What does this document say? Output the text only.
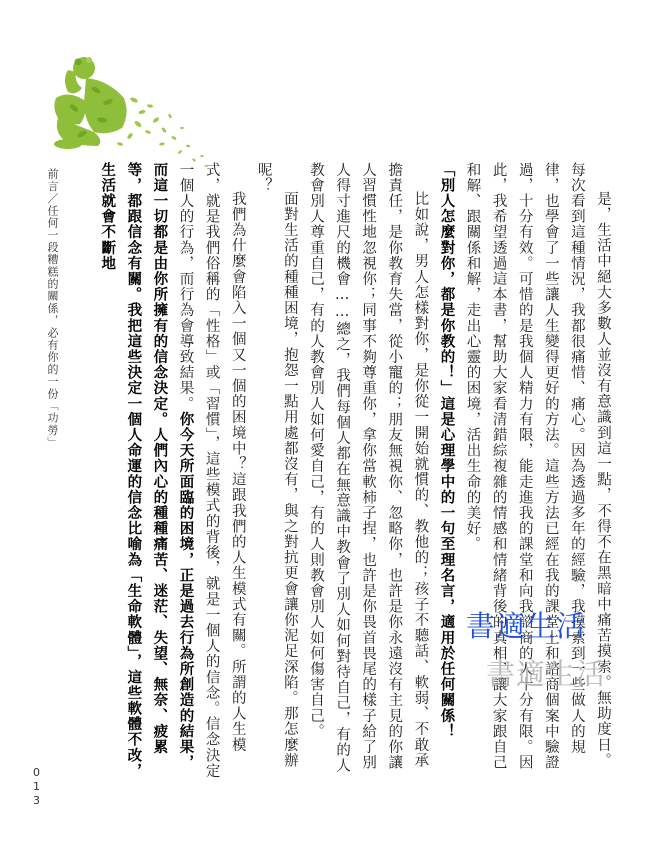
是，生活中絕大多數人並沒有意識到這一點，不得不在黑暗中痛苦摸索。無助度日。每次看到這種情況，我都很痛惜、痛心。因為透過多年的經驗，我摸索到一些做人的規律，也學會了一些讓人生變得更好的方法。這些方法已經在我的課堂上和諮商個案中驗證過，十分有效。可惜的是我個人精力有限，能走進我的課堂和向我諮商的人十分有限。因此，我希望透過這本書，幫助大家看清錯綜複雜的情感和情緒背後的真相，讓大家跟自己和解、跟關係和解，走出心靈的困境，活出生命的美好。

「別人怎麼對你，都是你教的！」這是心理學中的一句至理名言，適用於任何關係！

比如說，男人怎樣對你，是你從一開始就慣的、教他的；孩子不聽話、軟弱、不敢承擔責任，是你教育失當，從小寵的；朋友無視你、忽略你，也許是你永遠沒有主見的你讓人習慣性地忽視你；同事不夠尊重你，拿你當軟柿子捏，也許是你畏首畏尾的樣子給了別人得寸進尺的機會……總之，我們每個人都在無意識中教會了別人如何對待自己，有的人教會別人尊重自己，有的人教會別人如何愛自己，有的人則教會別人如何傷害自己。

面對生活的種種困境，抱怨一點用處都沒有，與之對抗更會讓你泥足深陷。那怎麼辦呢？

我們為什麼會陷入一個又一個的困境中？這跟我們的人生模式有關。所謂的人生模式，就是我們俗稱的「性格」或「習慣」，這些模式的背後，就是一個人的信念。信念決定一個人的行為，而行為會導致結果。你今天所面臨的困境，正是過去行為所創造的結果，而這一切都是由你所擁有的信念決定。人們內心的種種痛苦、迷茫、失望、無奈、疲累等，都跟信念有關。我把這些決定一個人命運的信念比喻為「生命軟體」，這些軟體不改，生活就會不斷地

前言／任何一段糟糕的關係，必有你的一份「功勞」
013
書適生活
書適生活
